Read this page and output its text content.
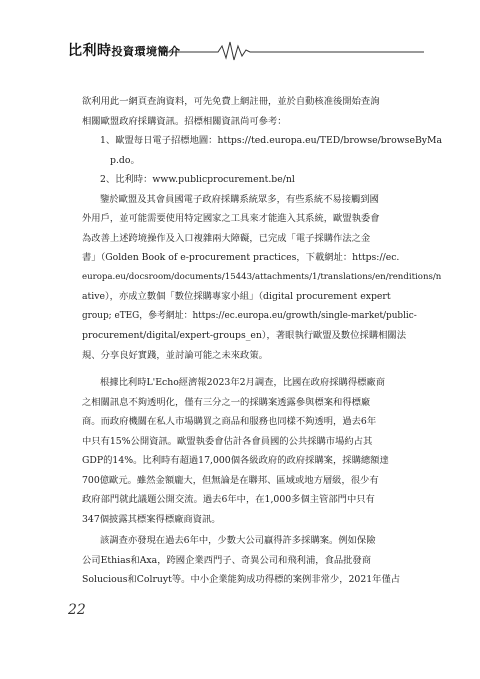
比利時投資環境簡介
欲利用此一網頁查詢資料，可先免費上網註冊，並於自動核准後開始查詢
相關歐盟政府採購資訊。招標相關資訊尚可參考：
1、歐盟每日電子招標地圖：https://ted.europa.eu/TED/browse/browseByMa
p.do。
2、比利時：www.publicprocurement.be/nl
鑒於歐盟及其會員國電子政府採購系統眾多，有些系統不易接觸到國
外用戶，並可能需要使用特定國家之工具來才能進入其系統，歐盟執委會
為改善上述跨境操作及入口複雜兩大障礙，已完成「電子採購作法之金
書」（Golden Book of e-procurement practices，下載網址：https://ec.
europa.eu/docsroom/documents/15443/attachments/1/translations/en/renditions/n
ative），亦成立數個「數位採購專家小組」（digital procurement expert
group; eTEG，參考網址：https://ec.europa.eu/growth/single-market/public-
procurement/digital/expert-groups_en），著眼執行歐盟及數位採購相關法
規、分享良好實踐，並討論可能之未來政策。
根據比利時L'Echo經濟報2023年2月調查，比國在政府採購得標廠商
之相關訊息不夠透明化，僅有三分之一的採購案透露參與標案和得標廠
商。而政府機關在私人市場購買之商品和服務也同樣不夠透明，過去6年
中只有15%公開資訊。歐盟執委會估計各會員國的公共採購市場約占其
GDP的14%。比利時有超過17,000個各級政府的政府採購案，採購總額達
700億歐元。雖然金額龐大，但無論是在聯邦、區域或地方層級，很少有
政府部門就此議題公開交流。過去6年中，在1,000多個主管部門中只有
347個披露其標案得標廠商資訊。
該調查亦發現在過去6年中，少數大公司贏得許多採購案。例如保險
公司Ethias和Axa，跨國企業西門子、奇異公司和飛利浦，食品批發商
Solucious和Colruyt等。中小企業能夠成功得標的案例非常少，2021年僅占
22
